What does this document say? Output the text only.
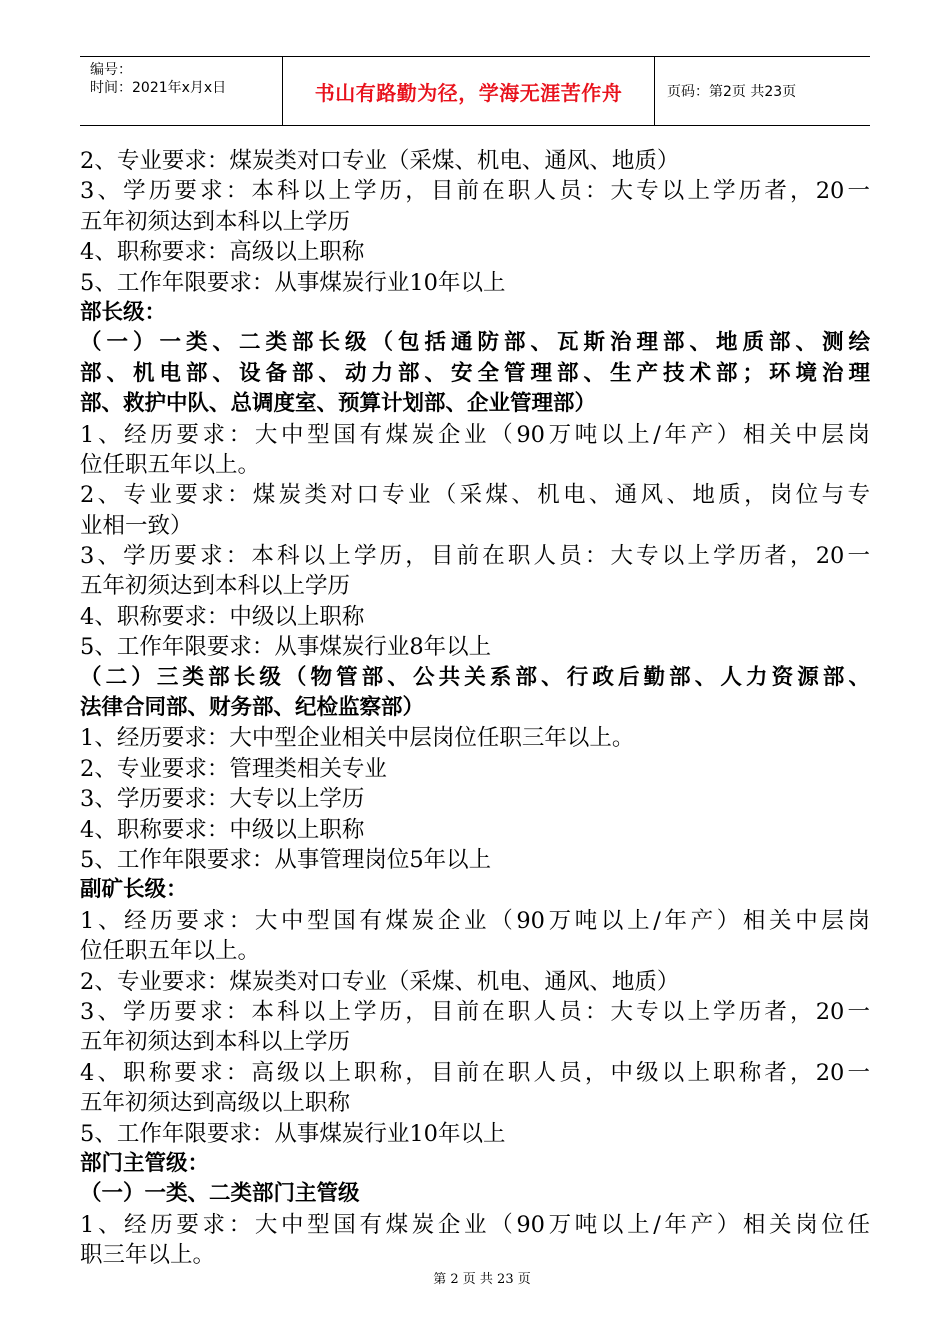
编号：
时间：2021年x月x日	书山有路勤为径，学海无涯苦作舟	页码：第2页 共23页
2、专业要求：煤炭类对口专业（采煤、机电、通风、地质）
3、学历要求：本科以上学历，目前在职人员：大专以上学历者，20一
五年初须达到本科以上学历
4、职称要求：高级以上职称
5、工作年限要求：从事煤炭行业10年以上
部长级：
（一）一类、二类部长级（包括通防部、瓦斯治理部、地质部、测绘
部、机电部、设备部、动力部、安全管理部、生产技术部；环境治理
部、救护中队、总调度室、预算计划部、企业管理部）
1、经历要求：大中型国有煤炭企业（90万吨以上/年产）相关中层岗
位任职五年以上。
2、专业要求：煤炭类对口专业（采煤、机电、通风、地质，岗位与专
业相一致）
3、学历要求：本科以上学历，目前在职人员：大专以上学历者，20一
五年初须达到本科以上学历
4、职称要求：中级以上职称
5、工作年限要求：从事煤炭行业8年以上
（二）三类部长级（物管部、公共关系部、行政后勤部、人力资源部、
法律合同部、财务部、纪检监察部）
1、经历要求：大中型企业相关中层岗位任职三年以上。
2、专业要求：管理类相关专业
3、学历要求：大专以上学历
4、职称要求：中级以上职称
5、工作年限要求：从事管理岗位5年以上
副矿长级：
1、经历要求：大中型国有煤炭企业（90万吨以上/年产）相关中层岗
位任职五年以上。
2、专业要求：煤炭类对口专业（采煤、机电、通风、地质）
3、学历要求：本科以上学历，目前在职人员：大专以上学历者，20一
五年初须达到本科以上学历
4、职称要求：高级以上职称，目前在职人员，中级以上职称者，20一
五年初须达到高级以上职称
5、工作年限要求：从事煤炭行业10年以上
部门主管级：
（一）一类、二类部门主管级
1、经历要求：大中型国有煤炭企业（90万吨以上/年产）相关岗位任
职三年以上。
第 2 页 共 23 页
